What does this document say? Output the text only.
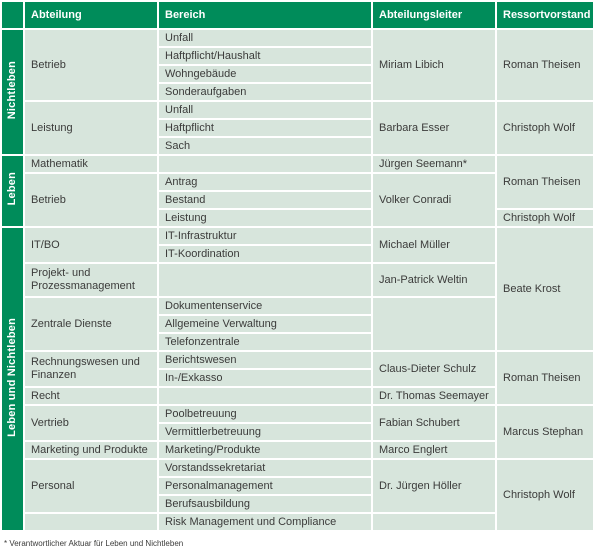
	Abteilung	Bereich	Abteilungsleiter	Ressortvorstand
Nichtleben	Betrieb	Unfall	Miriam Libich	Roman Theisen
		Haftpflicht/Haushalt		
		Wohngebäude		
		Sonderaufgaben		
	Leistung	Unfall	Barbara Esser	Christoph Wolf
		Haftpflicht		
		Sach		
Leben	Mathematik		Jürgen Seemann*	Roman Theisen
	Betrieb	Antrag	Volker Conradi	
		Bestand		
		Leistung		Christoph Wolf
Leben und Nichtleben	IT/BO	IT-Infrastruktur	Michael Müller	Beate Krost
		IT-Koordination		
	Projekt- und Prozessmanagement		Jan-Patrick Weltin	
	Zentrale Dienste	Dokumentenservice		
		Allgemeine Verwaltung		
		Telefonzentrale		
	Rechnungswesen und Finanzen	Berichtswesen	Claus-Dieter Schulz	Roman Theisen
		In-/Exkasso		
	Recht		Dr. Thomas Seemayer	
	Vertrieb	Poolbetreuung	Fabian Schubert	Marcus Stephan
		Vermittlerbetreuung		
	Marketing und Produkte	Marketing/Produkte	Marco Englert	
	Personal	Vorstandssekretariat	Dr. Jürgen Höller	Christoph Wolf
		Personalmanagement		
		Berufsausbildung		
		Risk Management und Compliance		
* Verantwortlicher Aktuar für Leben und Nichtleben
